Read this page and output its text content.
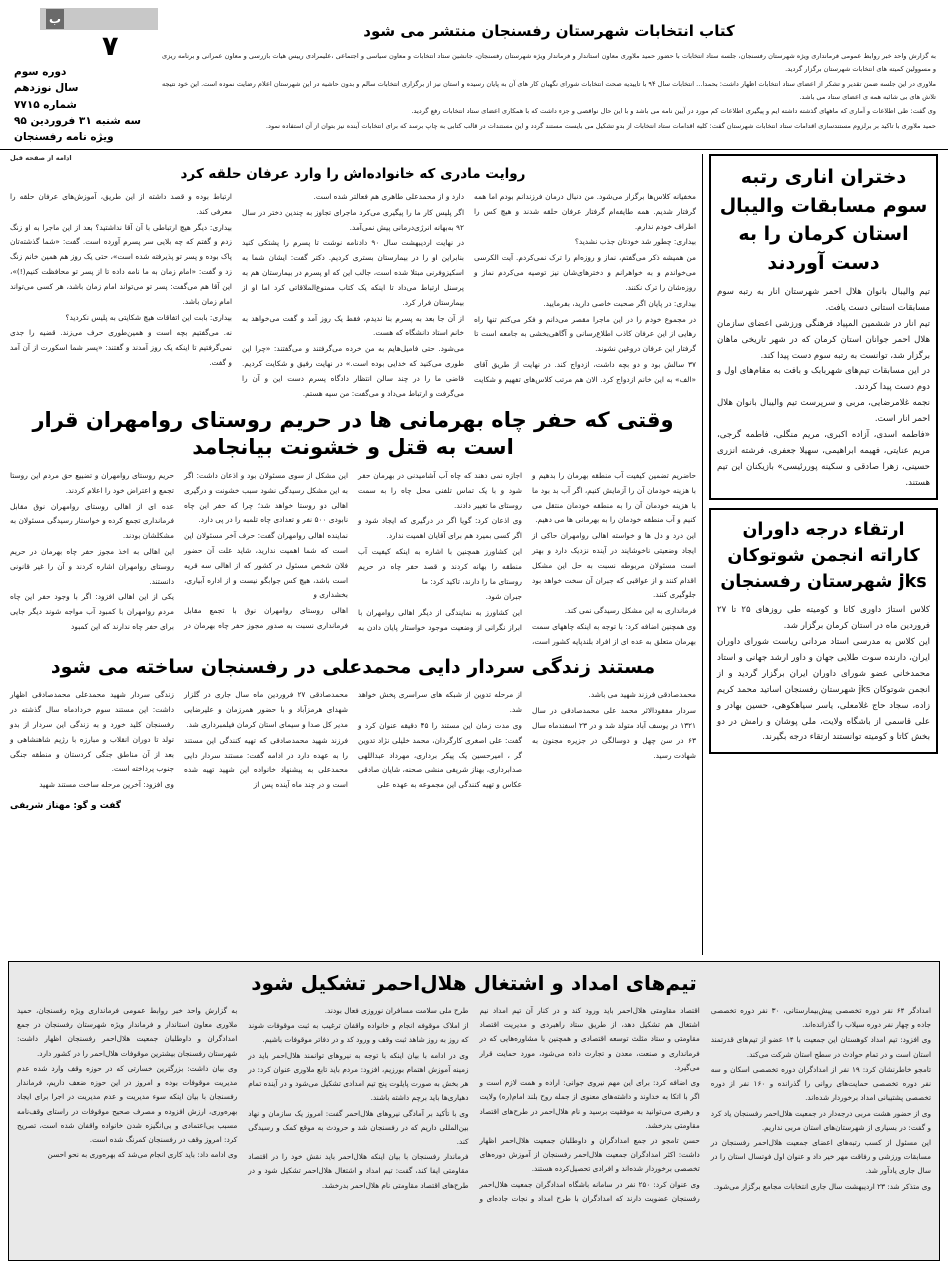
ب
۷
دوره سوم
سال نوزدهم
شماره ۷۷۱۵
سه شنبه ۳۱ فروردین ۹۵
ویژه نامه رفسنجان
کتاب انتخابات شهرستان رفسنجان منتشر می شود

به گزارش واحد خبر روابط عمومی فرمانداری ویژه شهرستان رفسنجان، جلسه ستاد انتخابات با حضور حمید ملاوری معاون استاندار و فرماندار ویژه شهرستان رفسنجان، جانشین ستاد انتخابات و معاون سیاسی و اجتماعی ،علیمرادی رییس هیات بازرسی و معاون عمرانی و برنامه ریزی و مسوولین کمیته های انتخابات شهرستان برگزار گردید.

ملاوری در این جلسه ضمن تقدیر و تشکر از اعضای ستاد انتخابات اظهار داشت: بحمدا... انتخابات سال ۹۴ با تاییدیه صحت انتخابات شورای نگهبان کار های آن به پایان رسیده و استان نیز از برگزاری انتخابات سالم و بدون حاشیه در این شهرستان اعلام رضایت نموده است. این خود نتیجه تلاش های بی شائبه همه ی اعضای ستاد می باشد.

وی گفت: طی اطلاعات و آماری که ماههای گذشته داشته ایم و پیگیری اطلاعات کم مورد در آیین نامه می باشد و با این حال نواقصی و جزء داشت که با همکاری اعضای ستاد انتخابات رفع گردید.

حمید ملاوری با تاکید بر برلزوم مستندسازی اقدامات ستاد انتخابات شهرستان گفت: کلیه اقدامات ستاد انتخابات از بدو تشکیل می بایست مستند گردد و این مستندات در قالب کتابی به چاپ برسد که برای انتخابات آینده نیز بتوان از آن استفاده نمود.

دختران اناری رتبه سوم مسابقات والیبال استان کرمان را به دست آوردند

تیم والیبال بانوان هلال احمر شهرستان انار به رتبه سوم مسابقات استانی دست یافت.

تیم انار در ششمین المپیاد فرهنگی ورزشی اعضای سازمان هلال احمر جوانان استان کرمان که در شهر تاریخی ماهان برگزار شد، توانست به رتبه سوم دست پیدا کند.

در این مسابقات تیم‌های شهربابک و بافت به مقام‌های اول و دوم دست پیدا کردند.

نجمه غلامرضایی، مربی و سرپرست تیم والیبال بانوان هلال احمر انار است.

«فاطمه اسدی، آزاده اکبری، مریم منگلی، فاطمه گرجی، مریم عنایتی، فهیمه ابراهیمی، سهیلا جعفری، فرشته انزری حسینی، زهرا صادقی و سکینه پوررئیسی» بازیکنان این تیم هستند.

ارتقاء درجه داوران کاراته انجمن شوتوکان jks شهرستان رفسنجان

کلاس استاژ داوری کاتا و کومیته طی روزهای ۲۵ تا ۲۷ فروردین ماه در استان کرمان برگزار شد.

این کلاس به مدرسی استاد مردانی ریاست شورای داوران ایران، دارنده سوت طلایی جهان و داور ارشد جهانی و استاد محمدخانی عضو شورای داوران ایران برگزار گردید و از انجمن شوتوکان jks شهرستان رفسنجان اساتید محمد کریم زاده، سجاد حاج غلامعلی، یاسر سیاهکوهی، حسین بهادر و علی قاسمی از باشگاه ولایت، ملی پوشان و رامش در دو بخش کاتا و کومیته توانستند ارتقاء درجه بگیرند.

ادامه از صفحه قبل
روایت مادری که خانواده‌اش را وارد عرفان حلقه کرد

مخفیانه کلاس‌ها برگزار می‌شود. من دنبال درمان فرزندانم بودم اما همه گرفتار شدیم. همه طایفه‌ام گرفتار عرفان حلقه شدند و هیچ کس را اطراف خودم ندارم.

بیداری: چطور شد خودتان جذب نشدید؟

من همیشه ذکر می‌گفتم، نماز و روزه‌ام را ترک نمی‌کردم. آیت الکرسی می‌خواندم و به خواهرانم و دخترهای‌شان نیز توصیه می‌کردم نماز و روزه‌شان را ترک نکنند.

بیداری: در پایان اگر صحبت خاصی دارید، بفرمایید.

در مجموع خودم را در این ماجرا مقصر می‌دانم و فکر می‌کنم تنها راه رهایی از این عرفان کاذب اطلاع‌رسانی و آگاهی‌بخشی به جامعه است تا گرفتار این عرفان دروغین نشوند.

۳۷ سالش بود و دو بچه داشت، ازدواج کند. در نهایت از طریق آقای «الف» به این خانم ازدواج کرد. الان هم مرتب کلاس‌های تفهیم و شکایت دارد و از محمدعلی طاهری هم فعالتر شده است.

اگر پلیس کار ما را پیگیری می‌کرد ماجرای تجاوز به چندین دختر در سال ۹۲ به‌بهانه انرژی‌درمانی پیش نمی‌آمد.

در نهایت اردیبهشت سال ۹۰ دادنامه نوشت تا پسرم را پشتکی کنید بنابراین او را در بیمارستان بستری کردیم. دکتر گفت: ایشان شما به اسکیزوفرنی مبتلا شده است، جالب این که او پسرم در بیمارستان هم به پرسنل ارتباط می‌داد تا اینکه یک کتاب ممنوع‌الملاقاتی کرد اما او از بیمارستان فرار کرد.

از آن جا بعد به پسرم بنا ندیدم، فقط یک روز آمد و گفت می‌خواهد به خانم استاد دانشگاه که هست.

می‌شود. حتی فامیل‌هایم به من خرده می‌گرفتند و می‌گفتند: «چرا این طوری می‌کنید که خدایی بوده است.» در نهایت رفیق و شکایت کردیم. قاضی ما را در چند سالن انتظار دادگاه پسرم دست این و آن را می‌گرفت و ارتباط می‌داد و می‌گفت: من سیه هستم.

ارتباط بوده و قصد داشته از این طریق، آموزش‌های عرفان حلقه را معرفی کند.

بیداری: دیگر هیچ ارتباطی با آن آقا نداشتید؟ بعد از این ماجرا به او زنگ زدم و گفتم که چه بلایی سر پسرم آورده است. گفت: «شما گذشته‌تان پاک بوده و پسر تو پذیرفته شده است»، حتی یک روز هم همین خانم زنگ زد و گفت: «امام زمان به ما نامه داده تا از پسر تو محافظت کنیم(!)»، این آقا هم می‌گفت: پسر تو می‌تواند امام زمان باشد، هر کسی می‌تواند امام زمان باشد.

بیداری: بابت این اتفاقات هیچ شکایتی به پلیس نکردید؟

نه. می‌گفتیم بچه است و همین‌طوری حرف می‌زند. قضیه را جدی نمی‌گرفتیم تا اینکه یک روز آمدند و گفتند: «پسر شما اسکورت از آن آمد و گفت.

وقتی که حفر چاه بهرمانی ها در حریم روستای روامهران قرار است به قتل و خشونت بیانجامد

حاضریم تضمین کیفیت آب منطقه بهرمان را بدهیم و با هزینه خودمان آن را آزمایش کنیم، اگر آب بد بود ما با هزینه خودمان آن را به منطقه خودمان منتقل می کنیم و آب منطقه خودمان را به بهرمانی ها می دهیم.

این درد و دل ها و خواسته اهالی روامهران حاکی از ایجاد وضعیتی ناخوشایند در آینده نزدیک دارد و بهتر است مسئولان مربوطه نسبت به حل این مشکل اقدام کنند و از عواقبی که جبران آن سخت خواهد بود جلوگیری کنند.

فرمانداری به این مشکل رسیدگی نمی کند.

وی همچنین اضافه کرد: با توجه به اینکه چاههای سمت بهرمان متعلق به عده ای از افراد بلندپایه کشور است، اجازه نمی دهند که چاه آب آشامیدنی در بهرمان حفر شود و با یک تماس تلفنی محل چاه را به سمت روستای ما تغییر دادند.

وی اذعان کرد: گویا اگر در درگیری که ایجاد شود و اگر کسی بمیرد هم برای آقایان اهمیت ندارد.

این کشاورز همچنین با اشاره به اینکه کیفیت آب منطقه را بهانه کردند و قصد حفر چاه در حریم روستای ما را دارند، تاکید کرد: ما

جبران شود.

این کشاورز به نمایندگی از دیگر اهالی روامهران با ابراز نگرانی از وضعیت موجود خواستار پایان دادن به این مشکل از سوی مسئولان بود و اذعان داشت: اگر به این مشکل رسیدگی نشود سبب خشونت و درگیری اهالی دو روستا خواهد شد؛ چرا که حفر این چاه نابودی ۵۰۰ نفر و تعدادی چاه تلمبه را در پی دارد.

نماینده اهالی روامهران گفت: حرف آخر مسئولان این است که شما اهمیت ندارید، شاید علت آن حضور فلان شخص مسئول در کشور که از اهالی سه قریه است باشد، هیچ کس جوابگو نیست و از اداره آبیاری، بخشداری و

اهالی روستای روامهران نوق با تجمع مقابل فرمانداری نسبت به صدور مجوز حفر چاه بهرمان در حریم روستای روامهران و تضییع حق مردم این روستا تجمع و اعتراض خود را اعلام کردند.

عده ای از اهالی روستای روامهران نوق مقابل فرمانداری تجمع کرده و خواستار رسیدگی مسئولان به مشکلشان بودند.

این اهالی به اخذ مجوز حفر چاه بهرمان در حریم روستای روامهران اشاره کردند و آن را غیر قانونی دانستند.

یکی از این اهالی افزود: اگر با وجود حفر این چاه مردم روامهران با کمبود آب مواجه شوند دیگر جایی برای حفر چاه ندارند که این کمبود

مستند زندگی سردار دایی محمدعلی در رفسنجان ساخته می شود

محمدصادقی فرزند شهید می باشد.

سردار مفقودالاثر محمد علی محمدصادقی در سال ۱۳۲۱ در یوسف آباد متولد شد و در ۲۳ اسفندماه سال ۶۳ در سن چهل و دوسالگی در جزیره مجنون به شهادت رسید.

از مرحله تدوین از شبکه های سراسری پخش خواهد شد.

وی مدت زمان این مستند را ۴۵ دقیقه عنوان کرد و گفت: علی اصغری کارگردان، محمد خلیلی نژاد تدوین گر ، امیرحسین یک پیکر برداری، مهرداد عبداللهی صدابرداری، بهناز شریفی منشی صحنه، شایان صادقی عکاس و تهیه کنندگی این مجموعه به عهده علی

محمدصادقی ۲۷ فروردین ماه سال جاری در گلزار شهدای هرمزآباد و با حضور همرزمان و علیرضایی مدیر کل صدا و سیمای استان کرمان فیلمبرداری شد.

فرزند شهید محمدصادقی که تهیه کنندگی این مستند را به عهده دارد در ادامه گفت: مستند سردار دایی محمدعلی به پیشنهاد خانواده این شهید تهیه شده است و در چند ماه آینده پس از

زندگی سردار شهید محمدعلی محمدصادقی اظهار داشت: این مستند سوم خردادماه سال گذشته در رفسنجان کلید خورد و به زندگی این سردار از بدو تولد تا دوران انقلاب و مبارزه با رژیم شاهنشاهی و بعد از آن مناطق جنگی کردستان و منطقه جنگی جنوب پرداخته است.

وی افزود: آخرین مرحله ساخت مستند شهید

گفت و گو: مهناز شریفی
تیم‌های امداد و اشتغال هلال‌احمر تشکیل شود

امدادگر ۶۴ نفر دوره تخصصی پیش‌بیمارستانی، ۳۰ نفر دوره تخصصی جاده و چهار نفر دوره سیلاب را گذرانده‌اند.

وی افزود: تیم امداد کوهستان این جمعیت با ۱۴ عضو از تیم‌های قدرتمند استان است و در تمام حوادث در سطح استان شرکت می‌کند.

تامجو خاطرنشان کرد: ۱۹ نفر از امدادگران دوره تخصصی اسکان و سه نفر دوره تخصصی حمایت‌های روانی را گذرانده و ۱۶۰ نفر از دوره تخصصی پشتیبانی امداد برخوردار شده‌اند.

وی از حضور هشت مربی درجه‌دار در جمعیت هلال‌احمر رفسنجان یاد کرد و گفت: در بسیاری از شهرستان‌های استان مربی نداریم.

این مسئول از کسب رتبه‌های اعضای جمعیت هلال‌احمر رفسنجان در مسابقات ورزشی و رفاقت مهر خیر داد و عنوان اول فوتسال استان را در سال جاری یادآور شد.

وی متذکر شد: ۲۳ اردیبهشت سال جاری انتخابات مجامع برگزار می‌شود.

اقتصاد مقاومتی هلال‌احمر باید ورود کند و در کنار آن تیم امداد نیم اشتغال هم تشکیل دهد، از طریق ستاد راهبردی و مدیریت اقتصاد مقاومتی و ستاد مثلث توسعه اقتصادی و همچنین با مشاوره‌هایی که در فرمانداری و صنعت، معدن و تجارت داده می‌شود، مورد حمایت قرار می‌گیرد.

وی اضافه کرد: برای این مهم نیروی جوانی: اراده و همت لازم است و اگر با اتکا به خداوند و داشته‌های معنوی از جمله روح بلند امام(ره) ولایت و رهبری می‌توانید به موفقیت برسید و نام هلال‌احمر در طرح‌های اقتصاد مقاومتی بدرخشد.

حسن تامجو در جمع امدادگران و داوطلبان جمعیت هلال‌احمر اظهار داشت: اکثر امدادگران جمعیت هلال‌احمر رفسنجان از آموزش دوره‌های تخصصی برخوردار شده‌اند و افرادی تحصیل‌کرده هستند.

وی عنوان کرد: ۲۵۰ نفر در سامانه باشگاه امدادگران جمعیت هلال‌احمر رفسنجان عضویت دارند که امدادگران با طرح امداد و نجات جاده‌ای و طرح ملی سلامت مسافران نوروزی فعال بودند.

از املاک موقوفه انجام و خانواده واقفان ترغیب به ثبت موقوفات شوند که روز به روز شاهد ثبت وقف و ورود کد و در دفاتر موقوفات باشیم.

وی در ادامه با بیان اینکه با توجه به نیروهای توانمند هلال‌احمر باید در زمینه آموزش اهتمام بورزیم، افزود: مردم باید تابع ملاوری عنوان کرد: در هر بخش به صورت پایلوت پنج تیم امدادی تشکیل می‌شود و در آینده تمام دهیاری‌ها باید برچم داشته باشند.

وی با تأکید بر آمادگی نیروهای هلال‌احمر گفت: امروز یک سازمان و نهاد بین‌المللی داریم که در رفسنجان شد و حرودث به موقع کمک و رسیدگی کند.

فرماندار رفسنجان با بیان اینکه هلال‌احمر باید نقش خود را در اقتصاد مقاومتی ایفا کند، گفت: تیم امداد و اشتغال هلال‌احمر تشکیل شود و در طرح‌های اقتصاد مقاومتی نام هلال‌احمر بدرخشد.

به گزارش واحد خبر روابط عمومی فرمانداری ویژه رفسنجان، حمید ملاوری معاون استاندار و فرماندار ویژه شهرستان رفسنجان در جمع امدادگران و داوطلبان جمعیت هلال‌احمر رفسنجان اظهار داشت: شهرستان رفسنجان بیشترین موقوفات هلال‌احمر را در کشور دارد.

وی بیان داشت: بزرگترین خسارتی که در حوزه وقف وارد شده عدم مدیریت موقوفات بوده و امروز در این حوزه ضعف داریم، فرماندار رفسنجان با بیان اینکه سوء مدیریت و عدم مدیریت در اجرا برای ایجاد بهره‌وری، ارزش افزوده و مصرف صحیح موقوفات در راستای وقف‌نامه مسبب بی‌اعتمادی و بی‌انگیزه شدن خانواده واقفان شده است، تصریح کرد: امروز وقف در رفسنجان کمرنگ شده است.

وی ادامه داد: باید کاری انجام می‌شد که بهره‌وری به نحو احسن
